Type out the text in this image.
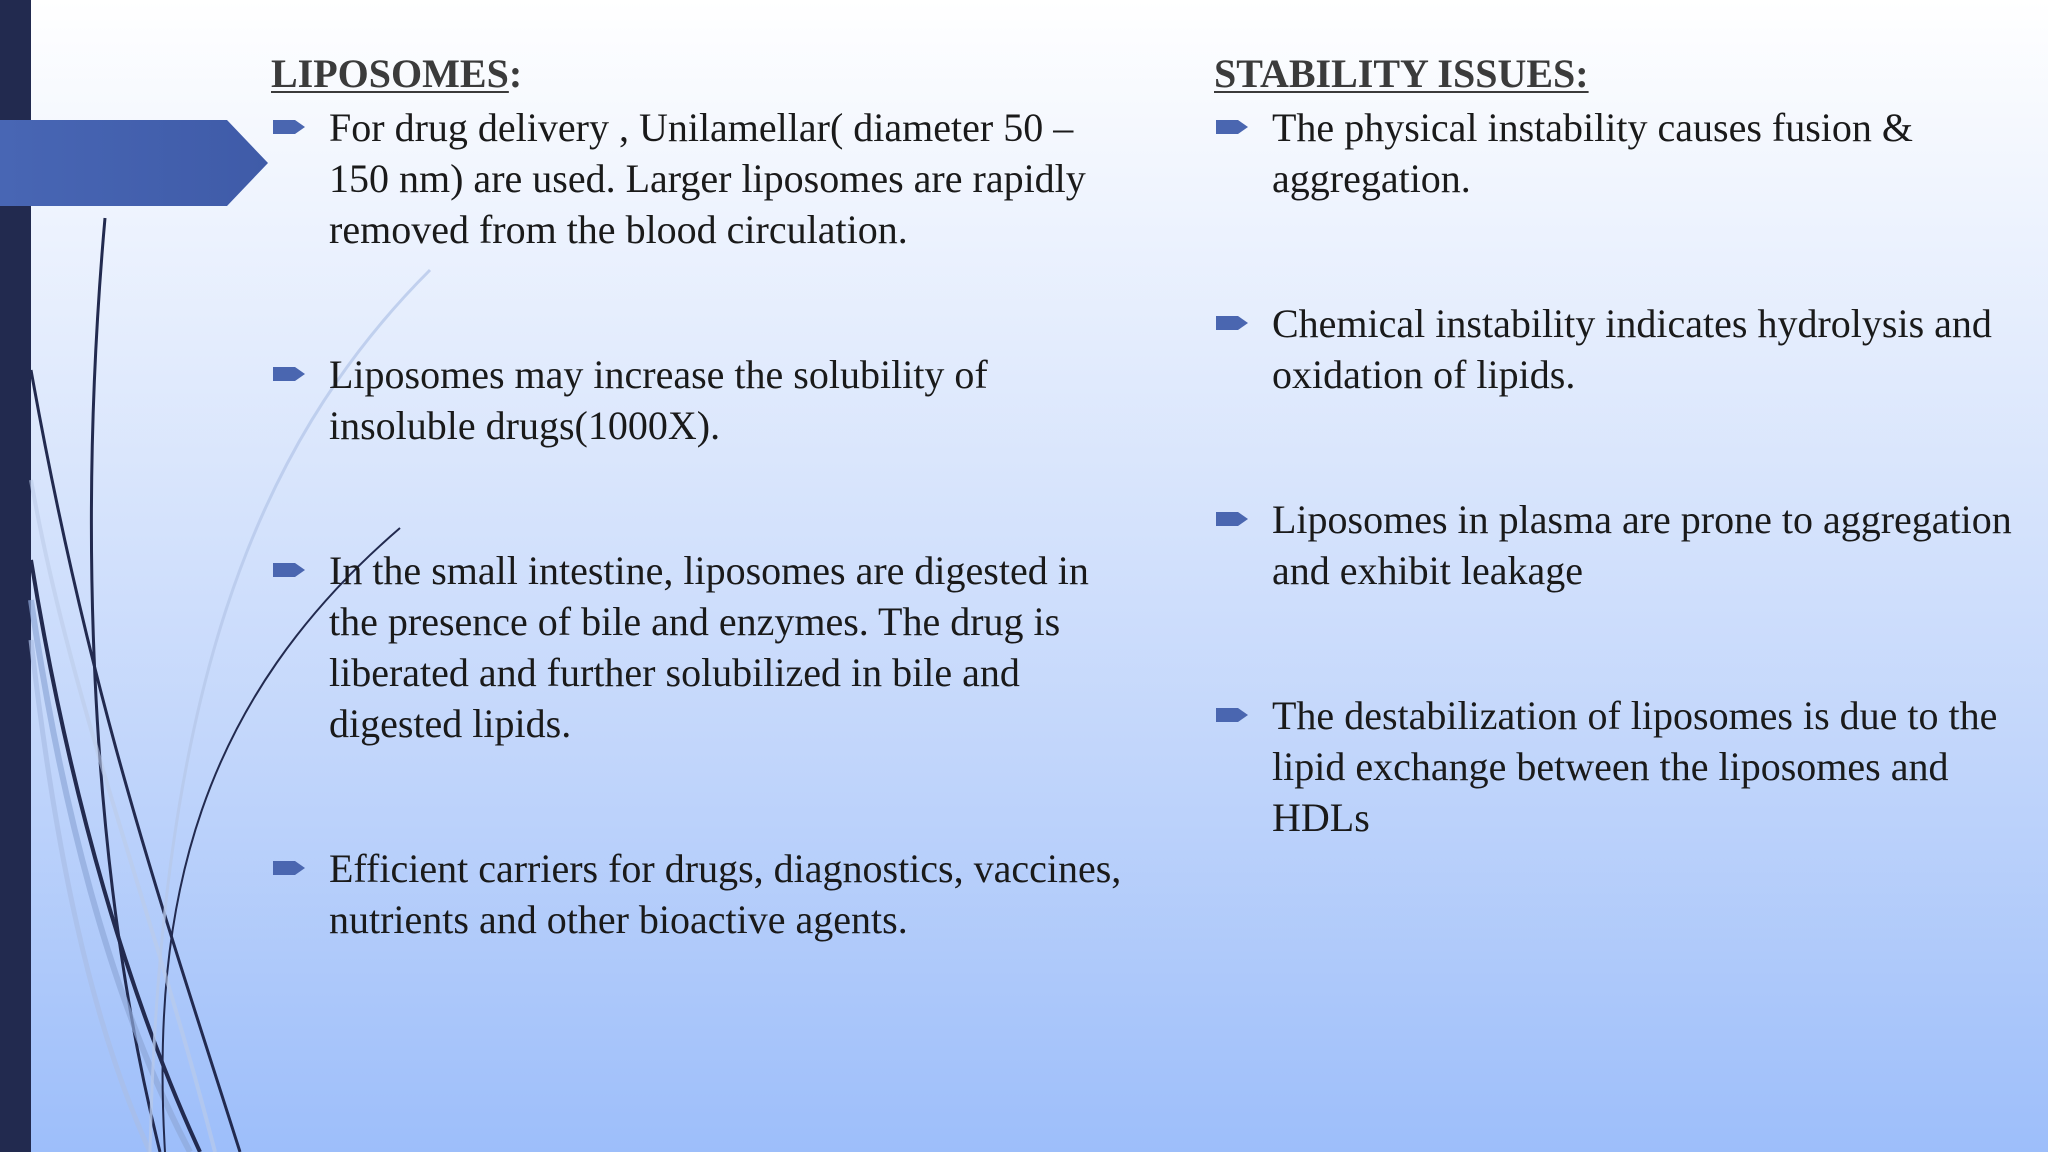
LIPOSOMES:
For drug delivery , Unilamellar( diameter 50 – 150 nm) are used. Larger liposomes are rapidly removed from the blood circulation.
Liposomes may increase the solubility of insoluble drugs(1000X).
In the small intestine, liposomes are digested in the presence of bile and enzymes. The drug is liberated and further solubilized in bile and digested lipids.
Efficient carriers for drugs, diagnostics, vaccines, nutrients and other bioactive agents.
STABILITY ISSUES:
The physical instability causes fusion & aggregation.
Chemical instability indicates hydrolysis and oxidation of lipids.
Liposomes in plasma are prone to aggregation and exhibit leakage
The destabilization of liposomes is due to the lipid exchange between the liposomes and HDLs
